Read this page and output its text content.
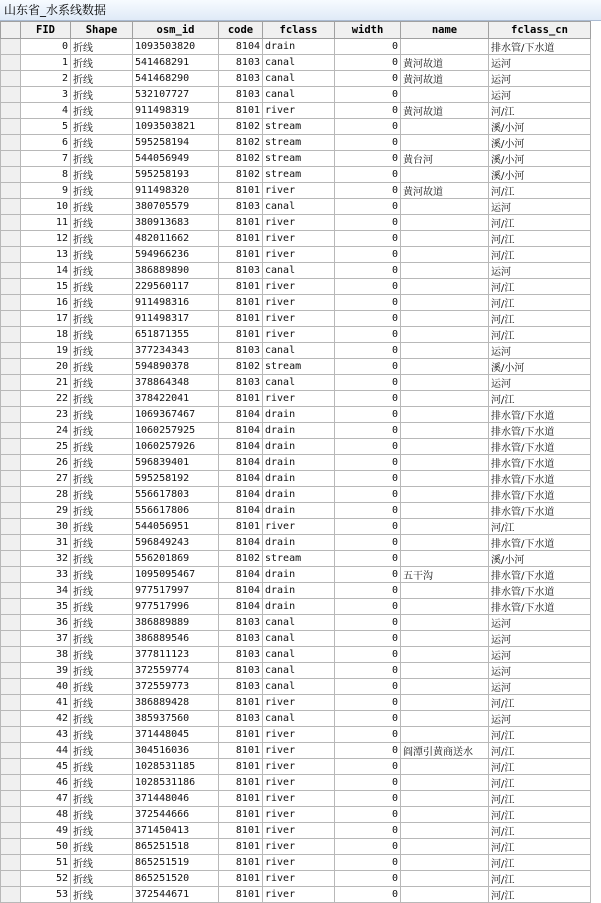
山东省_水系线数据
	FID	Shape	osm_id	code	fclass	width	name	fclass_cn
	0	折线	1093503820	8104	drain	0		排水管/下水道
	1	折线	541468291	8103	canal	0	黄河故道	运河
	2	折线	541468290	8103	canal	0	黄河故道	运河
	3	折线	532107727	8103	canal	0		运河
	4	折线	911498319	8101	river	0	黄河故道	河/江
	5	折线	1093503821	8102	stream	0		溪/小河
	6	折线	595258194	8102	stream	0		溪/小河
	7	折线	544056949	8102	stream	0	黄台河	溪/小河
	8	折线	595258193	8102	stream	0		溪/小河
	9	折线	911498320	8101	river	0	黄河故道	河/江
	10	折线	380705579	8103	canal	0		运河
	11	折线	380913683	8101	river	0		河/江
	12	折线	482011662	8101	river	0		河/江
	13	折线	594966236	8101	river	0		河/江
	14	折线	386889890	8103	canal	0		运河
	15	折线	229560117	8101	river	0		河/江
	16	折线	911498316	8101	river	0		河/江
	17	折线	911498317	8101	river	0		河/江
	18	折线	651871355	8101	river	0		河/江
	19	折线	377234343	8103	canal	0		运河
	20	折线	594890378	8102	stream	0		溪/小河
	21	折线	378864348	8103	canal	0		运河
	22	折线	378422041	8101	river	0		河/江
	23	折线	1069367467	8104	drain	0		排水管/下水道
	24	折线	1060257925	8104	drain	0		排水管/下水道
	25	折线	1060257926	8104	drain	0		排水管/下水道
	26	折线	596839401	8104	drain	0		排水管/下水道
	27	折线	595258192	8104	drain	0		排水管/下水道
	28	折线	556617803	8104	drain	0		排水管/下水道
	29	折线	556617806	8104	drain	0		排水管/下水道
	30	折线	544056951	8101	river	0		河/江
	31	折线	596849243	8104	drain	0		排水管/下水道
	32	折线	556201869	8102	stream	0		溪/小河
	33	折线	1095095467	8104	drain	0	五干沟	排水管/下水道
	34	折线	977517997	8104	drain	0		排水管/下水道
	35	折线	977517996	8104	drain	0		排水管/下水道
	36	折线	386889889	8103	canal	0		运河
	37	折线	386889546	8103	canal	0		运河
	38	折线	377811123	8103	canal	0		运河
	39	折线	372559774	8103	canal	0		运河
	40	折线	372559773	8103	canal	0		运河
	41	折线	386889428	8101	river	0		河/江
	42	折线	385937560	8103	canal	0		运河
	43	折线	371448045	8101	river	0		河/江
	44	折线	304516036	8101	river	0	阎潭引黄商送水	河/江
	45	折线	1028531185	8101	river	0		河/江
	46	折线	1028531186	8101	river	0		河/江
	47	折线	371448046	8101	river	0		河/江
	48	折线	372544666	8101	river	0		河/江
	49	折线	371450413	8101	river	0		河/江
	50	折线	865251518	8101	river	0		河/江
	51	折线	865251519	8101	river	0		河/江
	52	折线	865251520	8101	river	0		河/江
	53	折线	372544671	8101	river	0		河/江
